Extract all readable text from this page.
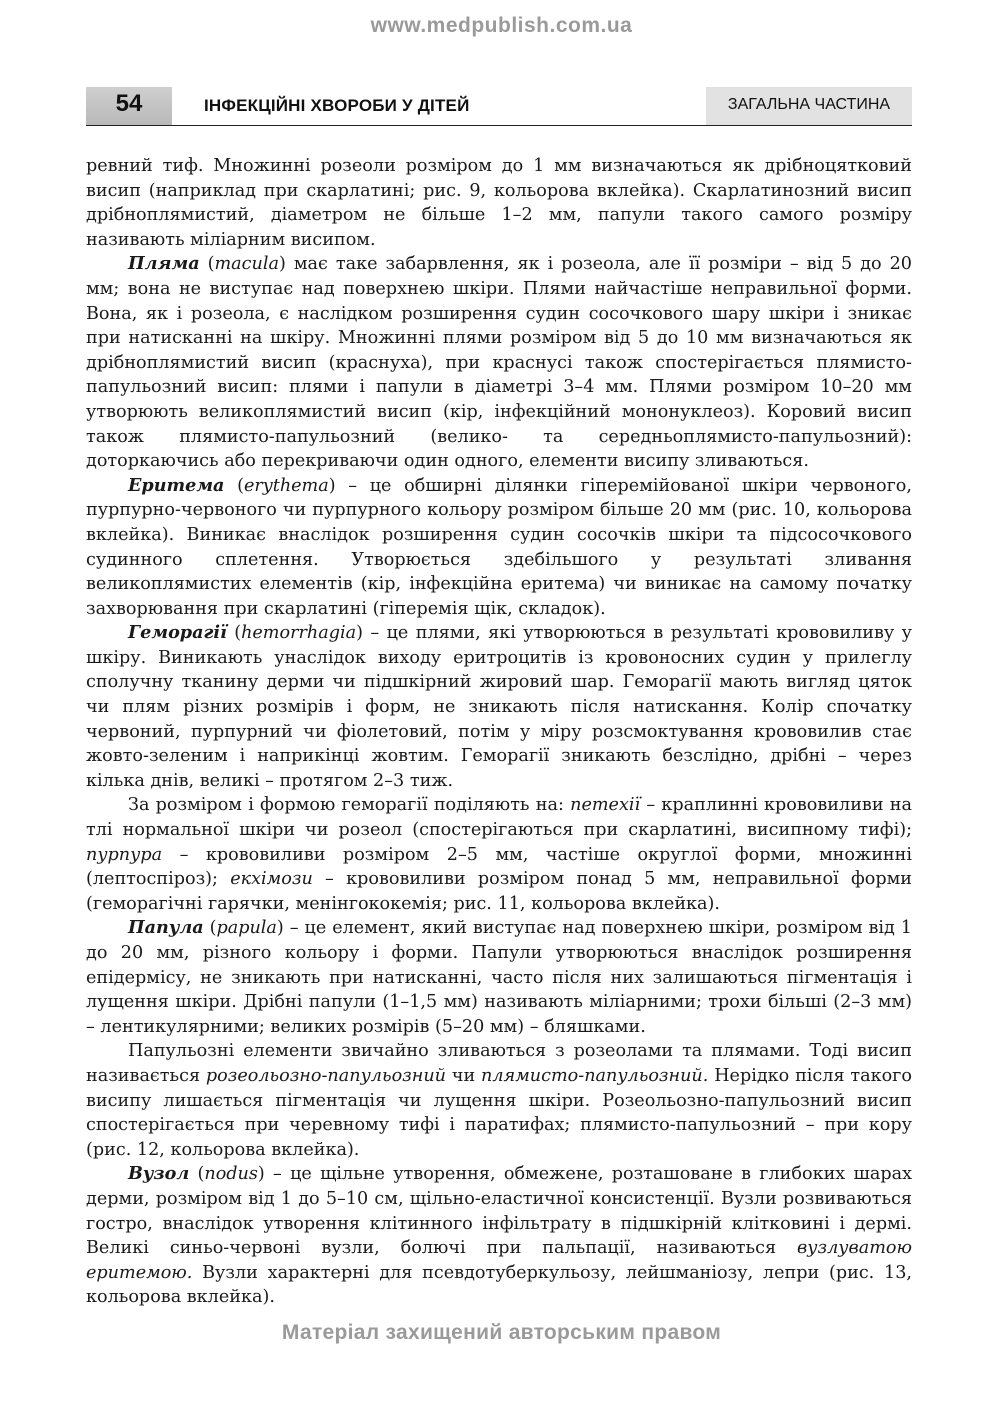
www.medpublish.com.ua
54	ІНФЕКЦІЙНІ ХВОРОБИ У ДІТЕЙ	ЗАГАЛЬНА ЧАСТИНА

ревний тиф. Множинні розеоли розміром до 1 мм визначаються як дрібноцятковий висип (наприклад при скарлатині; рис. 9, кольорова вклейка). Скарлатинозний висип дрібноплямистий, діаметром не більше 1–2 мм, папули такого самого розміру називають міліарним висипом.

Пляма (macula) має таке забарвлення, як і розеола, але її розміри – від 5 до 20 мм; вона не виступає над поверхнею шкіри. Плями найчастіше неправильної форми. Вона, як і розеола, є наслідком розширення судин сосочкового шару шкіри і зникає при натисканні на шкіру. Множинні плями розміром від 5 до 10 мм визначаються як дрібноплямистий висип (краснуха), при краснусі також спостерігається плямисто-папульозний висип: плями і папули в діаметрі 3–4 мм. Плями розміром 10–20 мм утворюють великоплямистий висип (кір, інфекційний мононуклеоз). Коровий висип також плямисто-папульозний (велико- та середньоплямисто-папульозний): доторкаючись або перекриваючи один одного, елементи висипу зливаються.

Еритема (erythema) – це обширні ділянки гіперемійованої шкіри червоного, пурпурно-червоного чи пурпурного кольору розміром більше 20 мм (рис. 10, кольорова вклейка). Виникає внаслідок розширення судин сосочків шкіри та підсосочкового судинного сплетення. Утворюється здебільшого у результаті зливання великоплямистих елементів (кір, інфекційна еритема) чи виникає на самому початку захворювання при скарлатині (гіперемія щік, складок).

Геморагії (hemorrhagia) – це плями, які утворюються в результаті крововиливу у шкіру. Виникають унаслідок виходу еритроцитів із кровоносних судин у прилеглу сполучну тканину дерми чи підшкірний жировий шар. Геморагії мають вигляд цяток чи плям різних розмірів і форм, не зникають після натискання. Колір спочатку червоний, пурпурний чи фіолетовий, потім у міру розсмоктування крововилив стає жовто-зеленим і наприкінці жовтим. Геморагії зникають безслідно, дрібні – через кілька днів, великі – протягом 2–3 тиж.

За розміром і формою геморагії поділяють на: петехії – краплинні крововиливи на тлі нормальної шкіри чи розеол (спостерігаються при скарлатині, висипному тифі); пурпура – крововиливи розміром 2–5 мм, частіше округлої форми, множинні (лептоспіроз); екхімози – крововиливи розміром понад 5 мм, неправильної форми (геморагічні гарячки, менінгококемія; рис. 11, кольорова вклейка).

Папула (papula) – це елемент, який виступає над поверхнею шкіри, розміром від 1 до 20 мм, різного кольору і форми. Папули утворюються внаслідок розширення епідермісу, не зникають при натисканні, часто після них залишаються пігментація і лущення шкіри. Дрібні папули (1–1,5 мм) називають міліарними; трохи більші (2–3 мм) – лентикулярними; великих розмірів (5–20 мм) – бляшками.

Папульозні елементи звичайно зливаються з розеолами та плямами. Тоді висип називається розеольозно-папульозний чи плямисто-папульозний. Нерідко після такого висипу лишається пігментація чи лущення шкіри. Розеольозно-папульозний висип спостерігається при черевному тифі і паратифах; плямисто-папульозний – при кору (рис. 12, кольорова вклейка).

Вузол (nodus) – це щільне утворення, обмежене, розташоване в глибоких шарах дерми, розміром від 1 до 5–10 см, щільно-еластичної консистенції. Вузли розвиваються гостро, внаслідок утворення клітинного інфільтрату в підшкірній клітковині і дермі. Великі синьо-червоні вузли, болючі при пальпації, називаються вузлуватою еритемою. Вузли характерні для псевдотуберкульозу, лейшманіозу, лепри (рис. 13, кольорова вклейка).

Матеріал захищений авторським правом
